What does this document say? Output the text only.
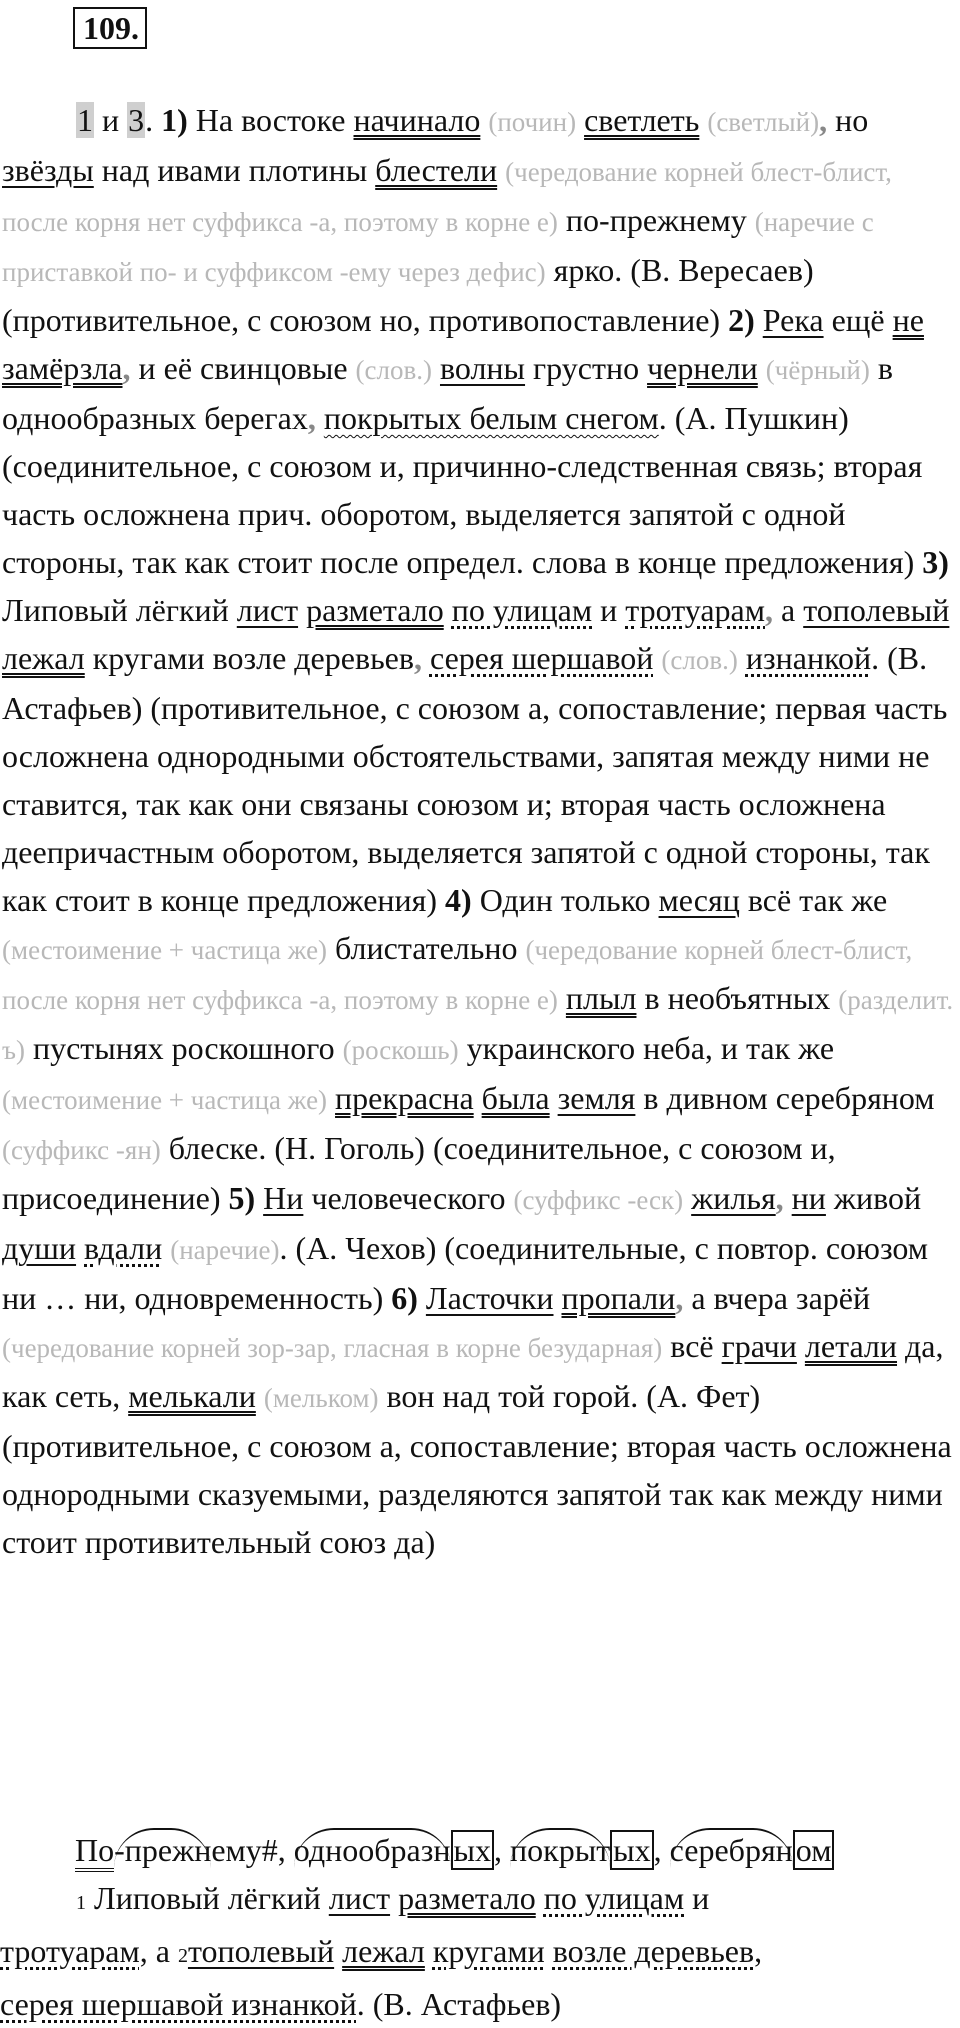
109.

1 и 3. 1) На востоке начинало (почин) светлеть (светлый), но звёзды над ивами плотины блестели (чередование корней блест-блист, после корня нет суффикса -а, поэтому в корне е) по-прежнему (наречие с приставкой по- и суффиксом -ему через дефис) ярко. (В. Вересаев) (противительное, с союзом но, противопоставление) 2) Река ещё не замёрзла, и её свинцовые (слов.) волны грустно чернели (чёрный) в однообразных берегах, покрытых белым снегом. (А. Пушкин) (соединительное, с союзом и, причинно-следственная связь; вторая часть осложнена прич. оборотом, выделяется запятой с одной стороны, так как стоит после определ. слова в конце предложения) 3) Липовый лёгкий лист разметало по улицам и тротуарам, а тополевый лежал кругами возле деревьев, серея шершавой (слов.) изнанкой. (В. Астафьев) (противительное, с союзом а, сопоставление; первая часть осложнена однородными обстоятельствами, запятая между ними не ставится, так как они связаны союзом и; вторая часть осложнена деепричастным оборотом, выделяется запятой с одной стороны, так как стоит в конце предложения) 4) Один только месяц всё так же (местоимение + частица же) блистательно (чередование корней блест-блист, после корня нет суффикса -а, поэтому в корне е) плыл в необъятных (разделит. ъ) пустынях роскошного (роскошь) украинского неба, и так же (местоимение + частица же) прекрасна была земля в дивном серебряном (суффикс -ян) блеске. (Н. Гоголь) (соединительное, с союзом и, присоединение) 5) Ни человеческого (суффикс -еск) жилья, ни живой души вдали (наречие). (А. Чехов) (соединительные, с повтор. союзом ни … ни, одновременность) 6) Ласточки пропали, а вчера зарёй (чередование корней зор-зар, гласная в корне безударная) всё грачи летали да, как сеть, мелькали (мельком) вон над той горой. (А. Фет) (противительное, с союзом а, сопоставление; вторая часть осложнена однородными сказуемыми, разделяются запятой так как между ними стоит противительный союз да)

По-прежнему#, однообразных, покрытых, серебряном

1 Липовый лёгкий лист разметало по улицам и

тротуарам, а 2тополевый лежал кругами возле деревьев,

серея шершавой изнанкой. (В. Астафьев)
